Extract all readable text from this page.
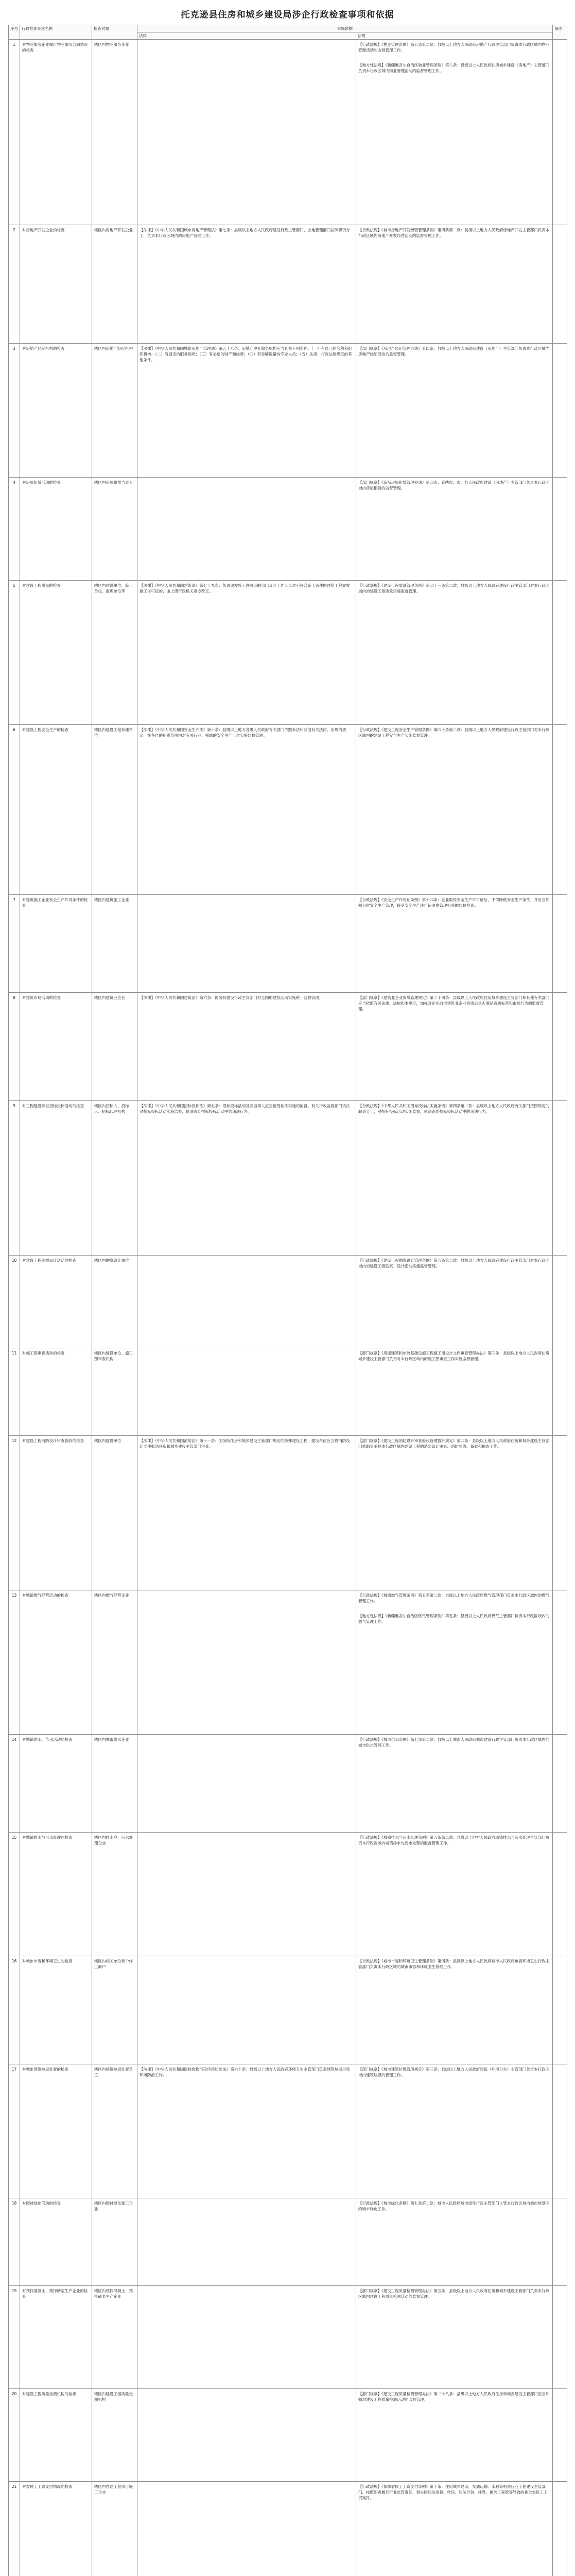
托克逊县住房和城乡建设局涉企行政检查事项和依据
序号	行政检查事项名称	检查对象	实施依据		备注
			法律	法规	
1	对物业服务企业履行物业服务合同情况的检查	辖区内物业服务企业		【行政法规】《物业管理条例》第五条第二款：县级以上地方人民政府房地产行政主管部门负责本行政区域内物业管理活动的监督管理工作。
【地方性法规】《新疆维吾尔自治区物业管理条例》第六条：县级以上人民政府住房城乡建设（房地产）主管部门负责本行政区域内物业管理活动的监督管理工作。	

2	对房地产开发企业的检查	辖区内房地产开发企业	【法律】《中华人民共和国城市房地产管理法》第七条：县级以上地方人民政府建设行政主管部门、土地管理部门按照职责分工，负责本行政区域内的房地产管理工作。	【行政法规】《城市房地产开发经营管理条例》第四条第二款：县级以上地方人民政府房地产开发主管部门负责本行政区域内房地产开发经营活动的监督管理工作。	

3	对房地产经纪机构的检查	辖区内房地产经纪机构	【法律】《中华人民共和国城市房地产管理法》第五十八条：房地产中介服务机构应当具备下列条件：（一）有自己的名称和组织机构；（二）有固定的服务场所；（三）有必要的财产和经费；（四）有足够数量的专业人员；（五）法律、行政法规规定的其他条件。	【部门规章】《房地产经纪管理办法》第四条：县级以上地方人民政府建设（房地产）主管部门负责本行政区域内房地产经纪活动的监督管理。	

4	对房屋租赁活动的检查	辖区内房屋租赁当事人		【部门规章】《商品房屋租赁管理办法》第四条：直辖市、市、县人民政府建设（房地产）主管部门负责本行政区域内房屋租赁的监督管理。	

5	对建设工程质量的检查	辖区内建设单位、施工单位、监理单位等	【法律】《中华人民共和国建筑法》第七十九条：负责颁发施工许可证的部门及其工作人员对不符合施工条件的建筑工程颁发施工许可证的，由上级行政机关责令改正。	【行政法规】《建设工程质量管理条例》第四十三条第二款：县级以上地方人民政府建设行政主管部门对本行政区域内的建设工程质量实施监督管理。	

6	对建设工程安全生产的检查	辖区内建设工程参建单位	【法律】《中华人民共和国安全生产法》第十条：县级以上地方各级人民政府有关部门依照本法和其他有关法律、法规的规定，在各自的职责范围内对有关行业、领域的安全生产工作实施监督管理。	【行政法规】《建设工程安全生产管理条例》第四十条第二款：县级以上地方人民政府建设行政主管部门对本行政区域内的建设工程安全生产实施监督管理。	

7	对建筑施工企业安全生产许可条件的检查	辖区内建筑施工企业		【行政法规】《安全生产许可证条例》第十四条：企业取得安全生产许可证后，不得降低安全生产条件，并应当加强日常安全生产管理，接受安全生产许可证颁发管理机关的监督检查。	

8	对建筑市场活动的检查	辖区内建筑业企业	【法律】《中华人民共和国建筑法》第六条：国务院建设行政主管部门对全国的建筑活动实施统一监督管理。	【部门规章】《建筑业企业资质管理规定》第二十四条：县级以上人民政府住房城乡建设主管部门和其他有关部门应当依照有关法律、法规和本规定，加强对企业取得建筑业企业资质后是否满足资质标准和市场行为的监督管理。	

9	对工程建设项目招标投标活动的检查	辖区内招标人、投标人、招标代理机构	【法律】《中华人民共和国招标投标法》第七条：招标投标活动及其当事人应当接受依法实施的监督。有关行政监督部门依法对招标投标活动实施监督，依法查处招标投标活动中的违法行为。	【行政法规】《中华人民共和国招标投标法实施条例》第四条第二款：县级以上地方人民政府有关部门按照规定的职责分工，对招标投标活动实施监督，依法查处招标投标活动中的违法行为。	

10	对建设工程勘察设计活动的检查	辖区内勘察设计单位		【行政法规】《建设工程勘察设计管理条例》第五条第二款：县级以上地方人民政府建设行政主管部门对本行政区域内的建设工程勘察、设计活动实施监督管理。	

11	对施工图审查活动的检查	辖区内建设单位、施工图审查机构		【部门规章】《房屋建筑和市政基础设施工程施工图设计文件审查管理办法》第四条：县级以上地方人民政府住房城乡建设主管部门负责对本行政区域内的施工图审查工作实施监督管理。	

12	对建设工程消防设计审查验收的检查	辖区内建设单位	【法律】《中华人民共和国消防法》第十一条：国务院住房和城乡建设主管部门规定的特殊建设工程，建设单位应当将消防设计文件报送住房和城乡建设主管部门审查。	【部门规章】《建设工程消防设计审查验收管理暂行规定》第四条：县级以上地方人民政府住房和城乡建设主管部门依职责承担本行政区域内建设工程的消防设计审查、消防验收、备案和抽查工作。	

13	对城镇燃气经营活动的检查	辖区内燃气经营企业		【行政法规】《城镇燃气管理条例》第五条第二款：县级以上地方人民政府燃气管理部门负责本行政区域内的燃气管理工作。
【地方性法规】《新疆维吾尔自治区燃气管理条例》第五条：县级以上人民政府燃气主管部门负责本行政区域内的燃气管理工作。	

14	对城镇供水、节水活动的检查	辖区内城市供水企业		【行政法规】《城市供水条例》第七条第二款：县级以上城市人民政府城市建设行政主管部门负责本行政区域内的城市供水管理工作。	

15	对城镇排水与污水处理的检查	辖区内排水户、污水处理企业		【行政法规】《城镇排水与污水处理条例》第五条第二款：县级以上地方人民政府城镇排水与污水处理主管部门负责本行政区域内城镇排水与污水处理的监督管理工作。	

16	对城市市容和环境卫生的检查	辖区内相关单位和个体工商户		【行政法规】《城市市容和环境卫生管理条例》第四条：县级以上地方人民政府城市人民政府市容环境卫生行政主管部门负责本行政区域的城市市容和环境卫生管理工作。	

17	对城市建筑垃圾处置的检查	辖区内建筑垃圾处置单位	【法律】《中华人民共和国固体废物污染环境防治法》第六十条：县级以上地方人民政府环境卫生主管部门负责建筑垃圾污染环境防治工作。	【部门规章】《城市建筑垃圾管理规定》第三条：县级以上地方人民政府建设（环境卫生）主管部门负责本行政区域内建筑垃圾的管理工作。	

18	对园林绿化活动的检查	辖区内园林绿化施工企业		【行政法规】《城市绿化条例》第七条第二款：城市人民政府城市绿化行政主管部门主管本行政区域内城市规划区的城市绿化工作。	

19	对预拌混凝土、预拌砂浆生产企业的检查	辖区内预拌混凝土、预拌砂浆生产企业		【部门规章】《建设工程质量检测管理办法》第五条：县级以上地方人民政府住房和城乡建设主管部门负责本行政区域内建设工程质量检测活动的监督管理。	

20	对建设工程质量检测机构的检查	辖区内建设工程质量检测机构		【部门规章】《建设工程质量检测管理办法》第二十八条：县级以上地方人民政府住房和城乡建设主管部门应当加强对建设工程质量检测活动的监督管理。	

21	对农民工工资支付情况的检查	辖区内在建工程项目施工企业		【行政法规】《保障农民工工资支付条例》第十条：住房城乡建设、交通运输、水利等相关行业工程建设主管部门，按照职责履行行业监管责任，督办因违法发包、转包、违法分包、挂靠、拖欠工程款等导致的拖欠农民工工资案件。	
